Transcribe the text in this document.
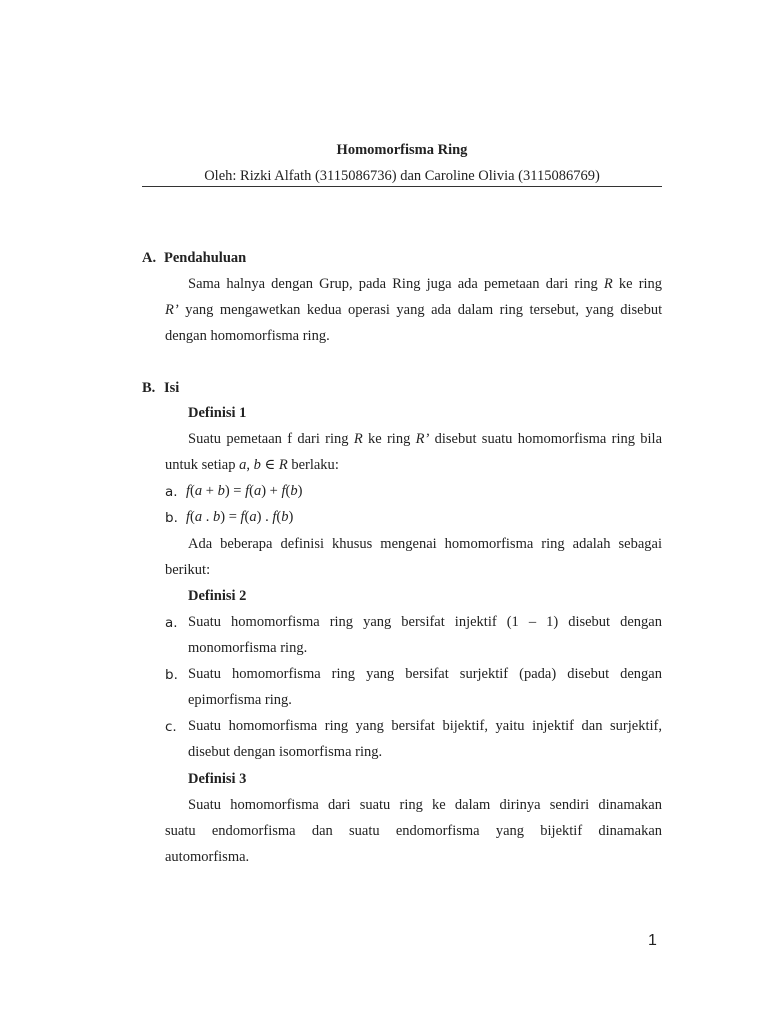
Homomorfisma Ring
Oleh: Rizki Alfath (3115086736) dan Caroline Olivia (3115086769)
A. Pendahuluan
Sama halnya dengan Grup, pada Ring juga ada pemetaan dari ring R ke ring
R’ yang mengawetkan kedua operasi yang ada dalam ring tersebut, yang disebut
dengan homomorfisma ring.
B. Isi
Definisi 1
Suatu pemetaan f dari ring R ke ring R’ disebut suatu homomorfisma ring bila
untuk setiap a, b ∈ R berlaku:
a. f(a + b) = f(a) + f(b)
b. f(a . b) = f(a) . f(b)
Ada beberapa definisi khusus mengenai homomorfisma ring adalah sebagai
berikut:
Definisi 2
a. Suatu homomorfisma ring yang bersifat injektif (1 – 1) disebut dengan
monomorfisma ring.
b. Suatu homomorfisma ring yang bersifat surjektif (pada) disebut dengan
epimorfisma ring.
c. Suatu homomorfisma ring yang bersifat bijektif, yaitu injektif dan surjektif,
disebut dengan isomorfisma ring.
Definisi 3
Suatu homomorfisma dari suatu ring ke dalam dirinya sendiri dinamakan
suatu endomorfisma dan suatu endomorfisma yang bijektif dinamakan
automorfisma.
1
